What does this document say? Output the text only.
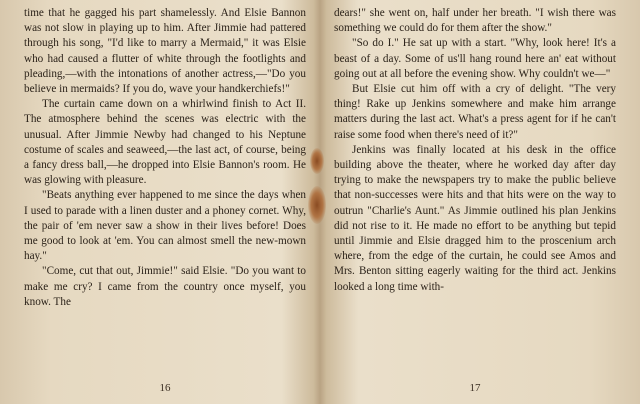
time that he gagged his part shamelessly. And Elsie Bannon was not slow in playing up to him. After Jimmie had pattered through his song, "I'd like to marry a Mermaid," it was Elsie who had caused a flutter of white through the footlights and pleading,—with the intonations of another actress,—"Do you believe in mermaids? If you do, wave your handkerchiefs!"

The curtain came down on a whirlwind finish to Act II. The atmosphere behind the scenes was electric with the unusual. After Jimmie Newby had changed to his Neptune costume of scales and seaweed,—the last act, of course, being a fancy dress ball,—he dropped into Elsie Bannon's room. He was glowing with pleasure.

"Beats anything ever happened to me since the days when I used to parade with a linen duster and a phoney cornet. Why, the pair of 'em never saw a show in their lives before! Does me good to look at 'em. You can almost smell the new-mown hay."

"Come, cut that out, Jimmie!" said Elsie. "Do you want to make me cry? I came from the country once myself, you know. The

16

dears!" she went on, half under her breath. "I wish there was something we could do for them after the show."

"So do I." He sat up with a start. "Why, look here! It's a beast of a day. Some of us'll hang round here an' eat without going out at all before the evening show. Why couldn't we—"

But Elsie cut him off with a cry of delight. "The very thing! Rake up Jenkins somewhere and make him arrange matters during the last act. What's a press agent for if he can't raise some food when there's need of it?"

Jenkins was finally located at his desk in the office building above the theater, where he worked day after day trying to make the newspapers try to make the public believe that non-successes were hits and that hits were on the way to outrun "Charlie's Aunt." As Jimmie outlined his plan Jenkins did not rise to it. He made no effort to be anything but tepid until Jimmie and Elsie dragged him to the proscenium arch where, from the edge of the curtain, he could see Amos and Mrs. Benton sitting eagerly waiting for the third act. Jenkins looked a long time with-

17
